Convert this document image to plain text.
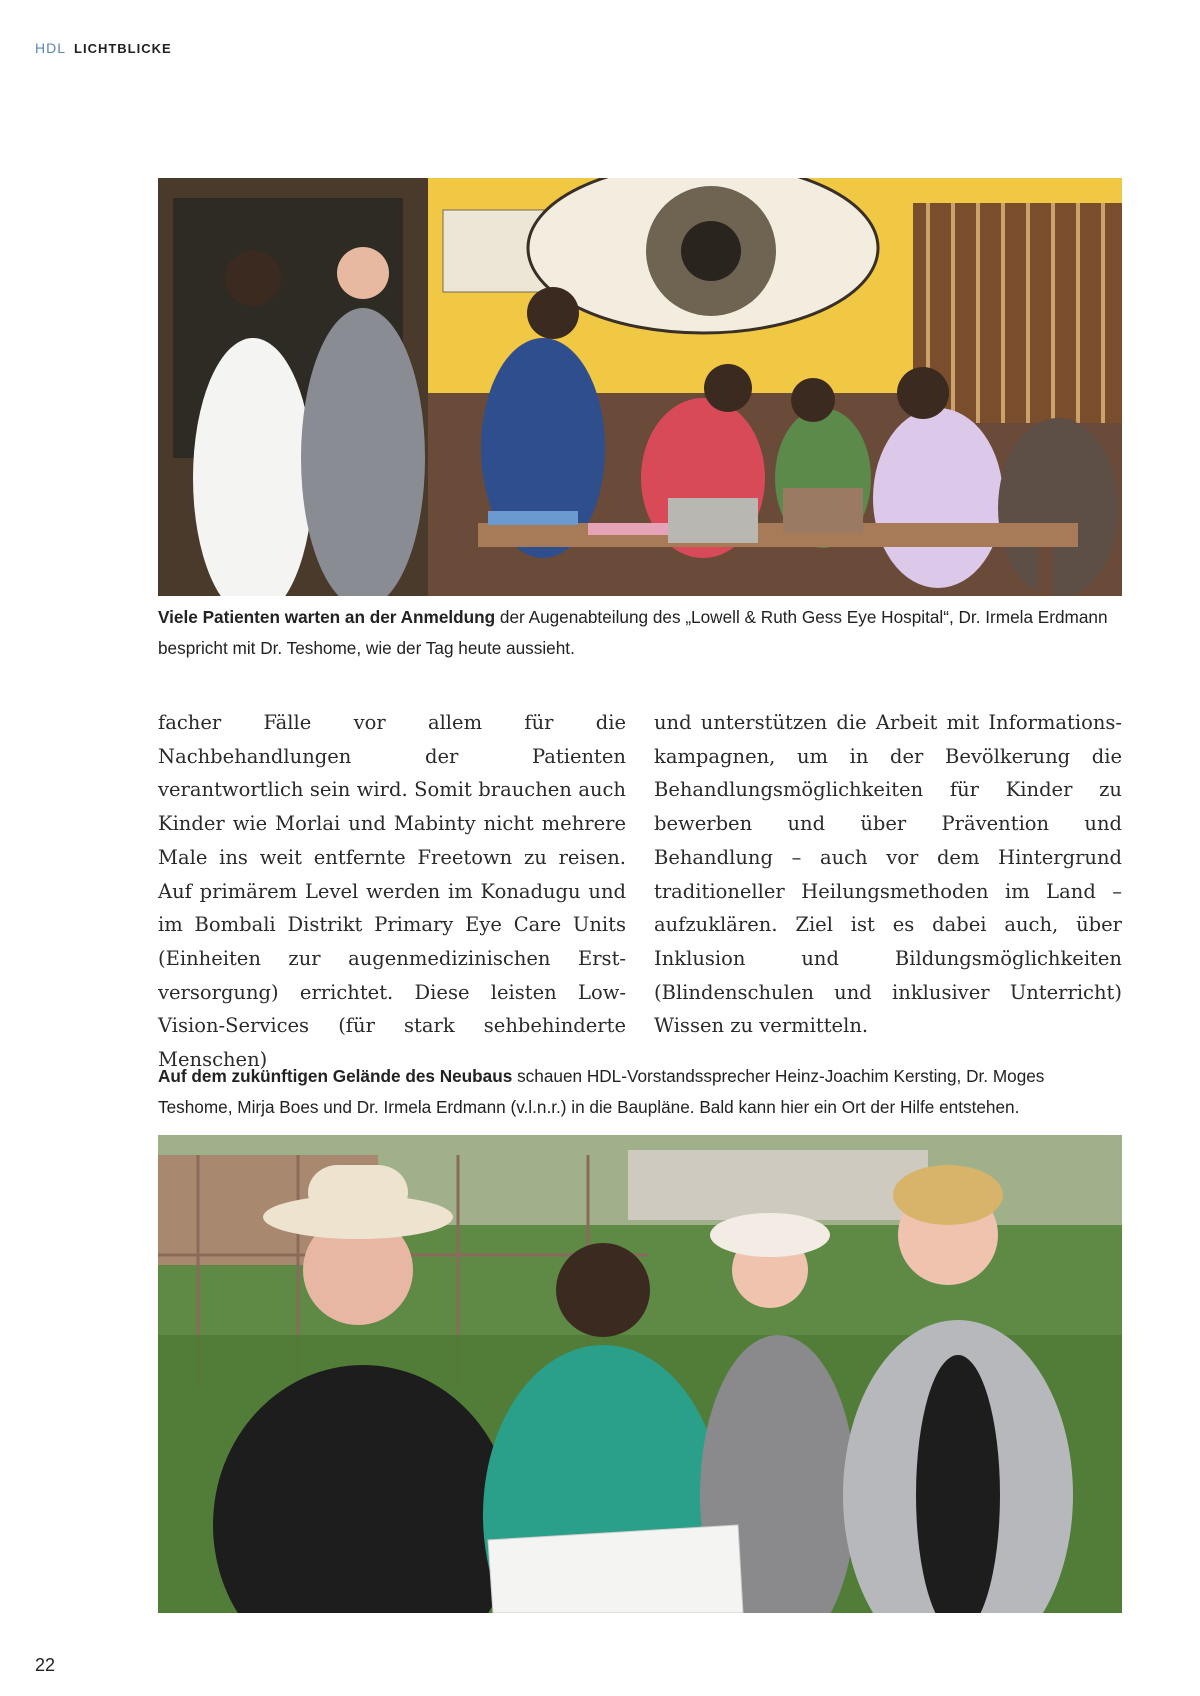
HDL LICHTBLICKE
Viele Patienten warten an der Anmeldung der Augenabteilung des „Lowell & Ruth Gess Eye Hospital“, Dr. Irmela Erdmann bespricht mit Dr. Teshome, wie der Tag heute aussieht.
facher Fälle vor allem für die Nachbehandlungen der Patienten verantwortlich sein wird. Somit brauchen auch Kinder wie Morlai und Mabinty nicht mehrere Male ins weit entfernte Freetown zu reisen. Auf primärem Level werden im Konadugu und im Bombali Distrikt Primary Eye Care Units (Einheiten zur augenmedizinischen Erstversorgung) errichtet. Diese leisten Low-Vision-Services (für stark sehbehinderte Menschen)
und unterstützen die Arbeit mit Informationskampagnen, um in der Bevölkerung die Behandlungsmöglichkeiten für Kinder zu bewerben und über Prävention und Behandlung – auch vor dem Hintergrund traditioneller Heilungsmethoden im Land – aufzuklären. Ziel ist es dabei auch, über Inklusion und Bildungsmöglichkeiten (Blindenschulen und inklusiver Unterricht) Wissen zu vermitteln.
Auf dem zukünftigen Gelände des Neubaus schauen HDL-Vorstandssprecher Heinz-Joachim Kersting, Dr. Moges Teshome, Mirja Boes und Dr. Irmela Erdmann (v.l.n.r.) in die Baupläne. Bald kann hier ein Ort der Hilfe entstehen.
22
